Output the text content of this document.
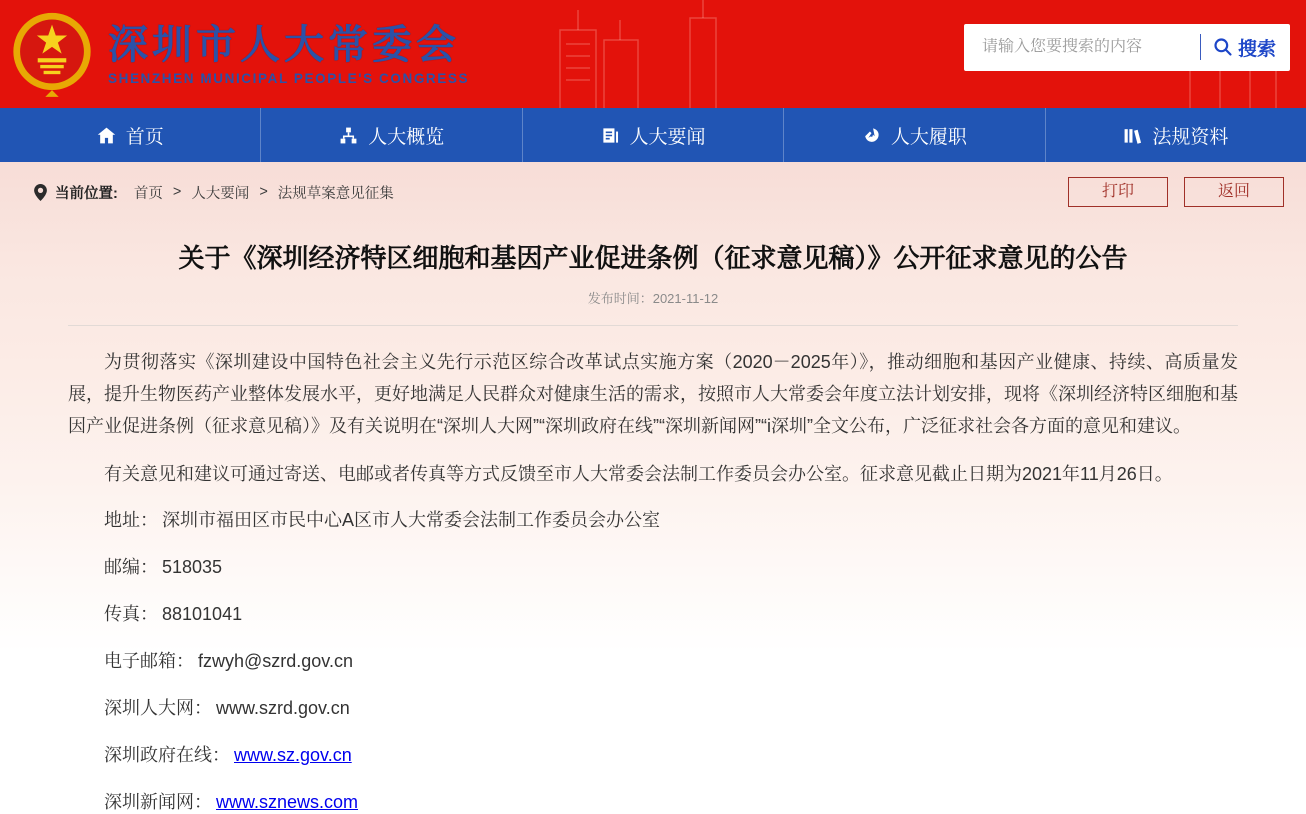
深圳市人大常委会
SHENZHEN MUNICIPAL PEOPLE'S CONGRESS
请输入您要搜索的内容
搜索
首页	人大概览	人大要闻	人大履职	法规资料
当前位置: 首页 > 人大要闻 > 法规草案意见征集	打印	返回
关于《深圳经济特区细胞和基因产业促进条例（征求意见稿）》公开征求意见的公告
发布时间：2021-11-12

为贯彻落实《深圳建设中国特色社会主义先行示范区综合改革试点实施方案（2020－2025年）》，推动细胞和基因产业健康、持续、高质量发展，提升生物医药产业整体发展水平，更好地满足人民群众对健康生活的需求，按照市人大常委会年度立法计划安排，现将《深圳经济特区细胞和基因产业促进条例（征求意见稿）》及有关说明在“深圳人大网”“深圳政府在线”“深圳新闻网”“i深圳”全文公布，广泛征求社会各方面的意见和建议。

有关意见和建议可通过寄送、电邮或者传真等方式反馈至市人大常委会法制工作委员会办公室。征求意见截止日期为2021年11月26日。

地址： 深圳市福田区市民中心A区市人大常委会法制工作委员会办公室
邮编： 518035
传真： 88101041
电子邮箱： fzwyh@szrd.gov.cn
深圳人大网： www.szrd.gov.cn
深圳政府在线： www.sz.gov.cn
深圳新闻网： www.sznews.com
